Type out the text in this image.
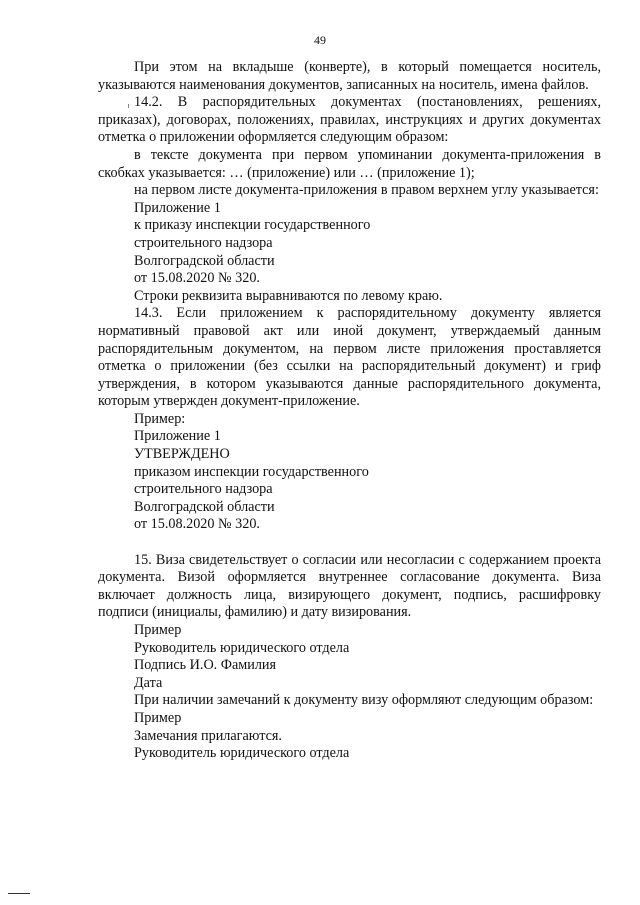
49

При этом на вкладыше (конверте), в который помещается носитель, указываются наименования документов, записанных на носитель, имена файлов.

14.2. В распорядительных документах (постановлениях, решениях, приказах), договорах, положениях, правилах, инструкциях и других документах отметка о приложении оформляется следующим образом:

в тексте документа при первом упоминании документа-приложения в скобках указывается: … (приложение) или … (приложение 1);

на первом листе документа-приложения в правом верхнем углу указывается:

Приложение 1

к приказу инспекции государственного

строительного надзора

Волгоградской области

от 15.08.2020 № 320.

Строки реквизита выравниваются по левому краю.

14.3. Если приложением к распорядительному документу является нормативный правовой акт или иной документ, утверждаемый данным распорядительным документом, на первом листе приложения проставляется отметка о приложении (без ссылки на распорядительный документ) и гриф утверждения, в котором указываются данные распорядительного документа, которым утвержден документ-приложение.

Пример:

Приложение 1

УТВЕРЖДЕНО

приказом инспекции государственного

строительного надзора

Волгоградской области

от 15.08.2020 № 320.

15. Виза свидетельствует о согласии или несогласии с содержанием проекта документа. Визой оформляется внутреннее согласование документа. Виза включает должность лица, визирующего документ, подпись, расшифровку подписи (инициалы, фамилию) и дату визирования.

Пример

Руководитель юридического отдела

Подпись И.О. Фамилия

Дата

При наличии замечаний к документу визу оформляют следующим образом:

Пример

Замечания прилагаются.

Руководитель юридического отдела
